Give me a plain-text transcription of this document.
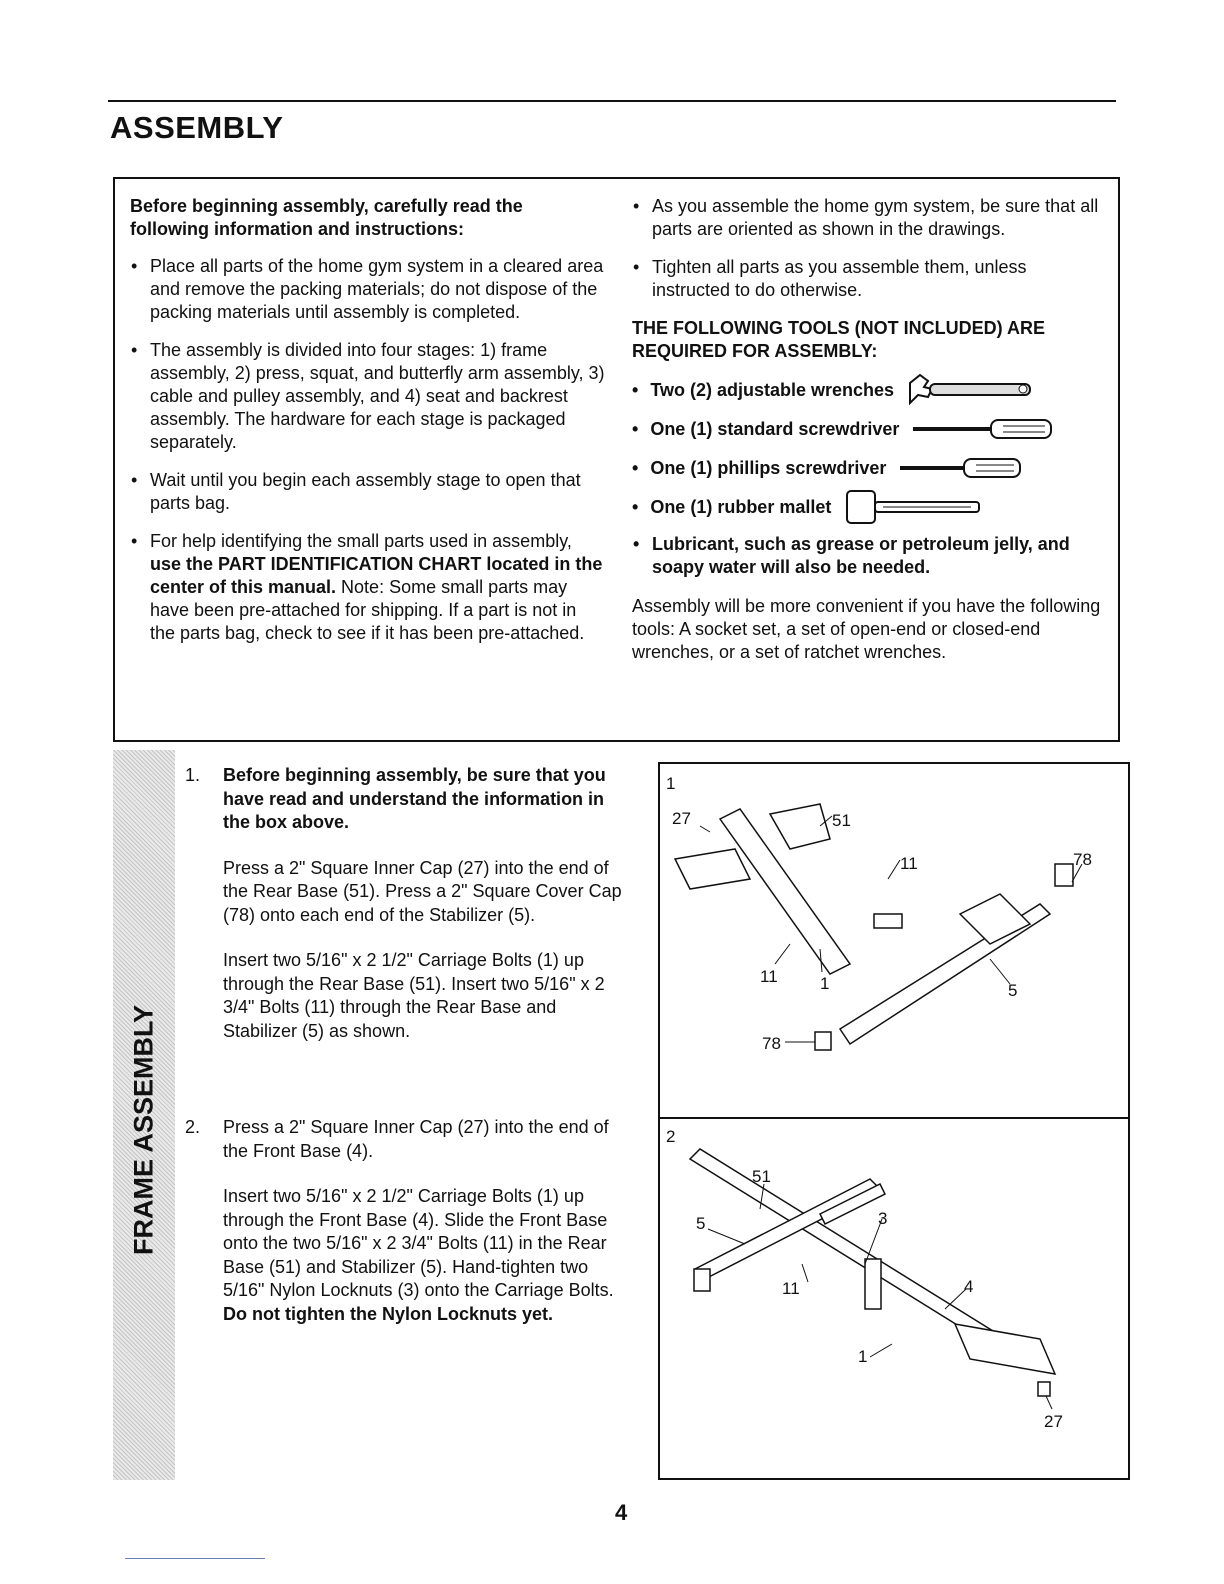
ASSEMBLY
Before beginning assembly, carefully read the following information and instructions:
• Place all parts of the home gym system in a cleared area and remove the packing materials; do not dispose of the packing materials until assembly is completed.
• The assembly is divided into four stages: 1) frame assembly, 2) press, squat, and butterfly arm assembly, 3) cable and pulley assembly, and 4) seat and backrest assembly. The hardware for each stage is packaged separately.
• Wait until you begin each assembly stage to open that parts bag.
• For help identifying the small parts used in assembly, use the PART IDENTIFICATION CHART located in the center of this manual. Note: Some small parts may have been pre-attached for shipping. If a part is not in the parts bag, check to see if it has been pre-attached.
• As you assemble the home gym system, be sure that all parts are oriented as shown in the drawings.
• Tighten all parts as you assemble them, unless instructed to do otherwise.
THE FOLLOWING TOOLS (NOT INCLUDED) ARE REQUIRED FOR ASSEMBLY:
• Two (2) adjustable wrenches
• One (1) standard screwdriver
• One (1) phillips screwdriver
• One (1) rubber mallet
• Lubricant, such as grease or petroleum jelly, and soapy water will also be needed.
Assembly will be more convenient if you have the following tools: A socket set, a set of open-end or closed-end wrenches, or a set of ratchet wrenches.
FRAME ASSEMBLY
1. Before beginning assembly, be sure that you have read and understand the information in the box above.

Press a 2" Square Inner Cap (27) into the end of the Rear Base (51). Press a 2" Square Cover Cap (78) onto each end of the Stabilizer (5).

Insert two 5/16" x 2 1/2" Carriage Bolts (1) up through the Rear Base (51). Insert two 5/16" x 2 3/4" Bolts (11) through the Rear Base and Stabilizer (5) as shown.

2. Press a 2" Square Inner Cap (27) into the end of the Front Base (4).

Insert two 5/16" x 2 1/2" Carriage Bolts (1) up through the Front Base (4). Slide the Front Base onto the two 5/16" x 2 3/4" Bolts (11) in the Rear Base (51) and Stabilizer (5). Hand-tighten two 5/16" Nylon Locknuts (3) onto the Carriage Bolts. Do not tighten the Nylon Locknuts yet.

1
27	51
11	78
11 1	5
78
2
51
5	3
11	4
1
27
4
